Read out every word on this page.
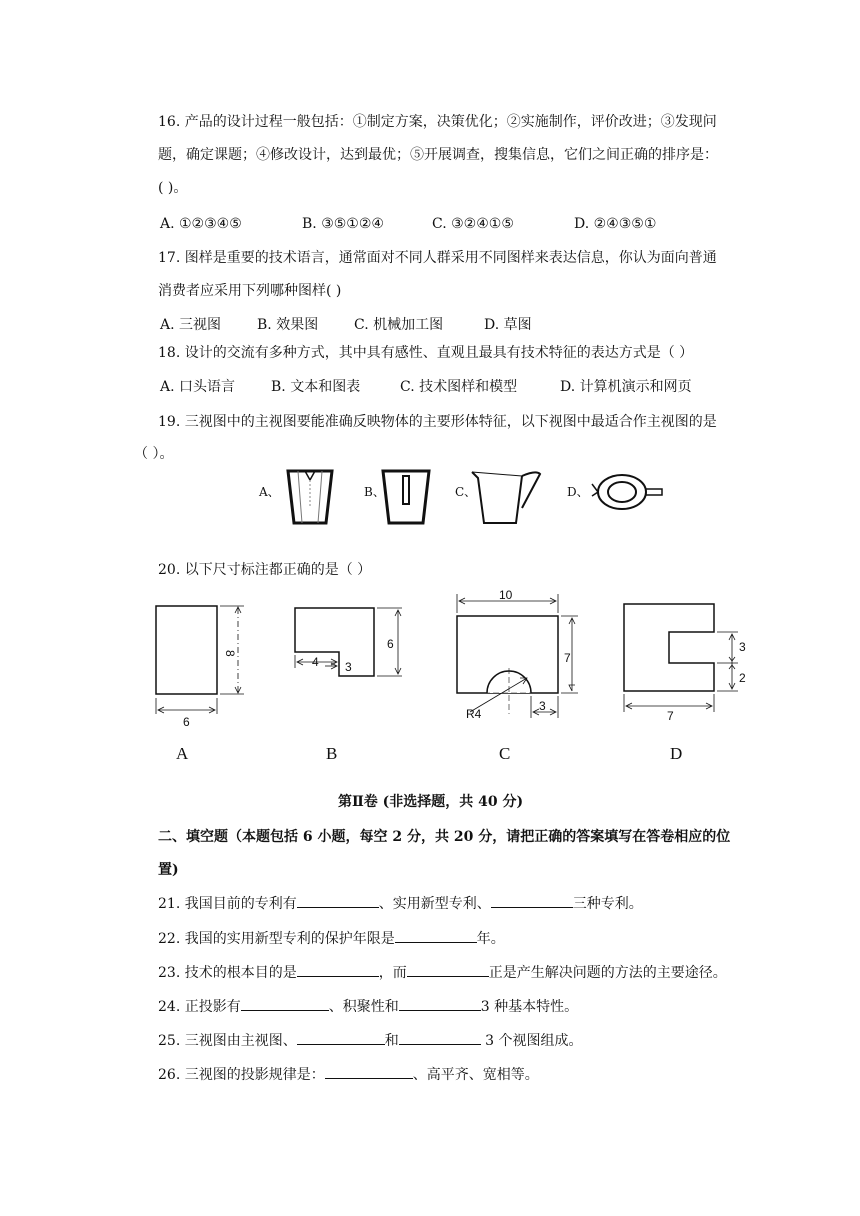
16. 产品的设计过程一般包括：①制定方案，决策优化；②实施制作，评价改进；③发现问
题，确定课题；④修改设计，达到最优；⑤开展调查，搜集信息，它们之间正确的排序是：
( )。
A. ①②③④⑤	B. ③⑤①②④	C. ③②④①⑤	D. ②④③⑤①
17. 图样是重要的技术语言，通常面对不同人群采用不同图样来表达信息，你认为面向普通
消费者应采用下列哪种图样( )
A. 三视图	B. 效果图	C. 机械加工图	D. 草图
18. 设计的交流有多种方式，其中具有感性、直观且最具有技术特征的表达方式是（ ）
A. 口头语言	B. 文本和图表	C. 技术图样和模型	D. 计算机演示和网页
19. 三视图中的主视图要能准确反映物体的主要形体特征，以下视图中最适合作主视图的是
（ ）。
A、	B、	C、	D、
20. 以下尺寸标注都正确的是（ ）
8
6
6
4 3
10
7
R4
3
3
2
7
A	B	C	D
第Ⅱ卷 (非选择题，共 40 分)
二、填空题（本题包括 6 小题，每空 2 分，共 20 分，请把正确的答案填写在答卷相应的位
置)
21. 我国目前的专利有	、实用新型专利、	三种专利。
22. 我国的实用新型专利的保护年限是	年。
23. 技术的根本目的是	，而	正是产生解决问题的方法的主要途径。
24. 正投影有	、积聚性和	3 种基本特性。
25. 三视图由主视图、	和	3 个视图组成。
26. 三视图的投影规律是：	、高平齐、宽相等。
